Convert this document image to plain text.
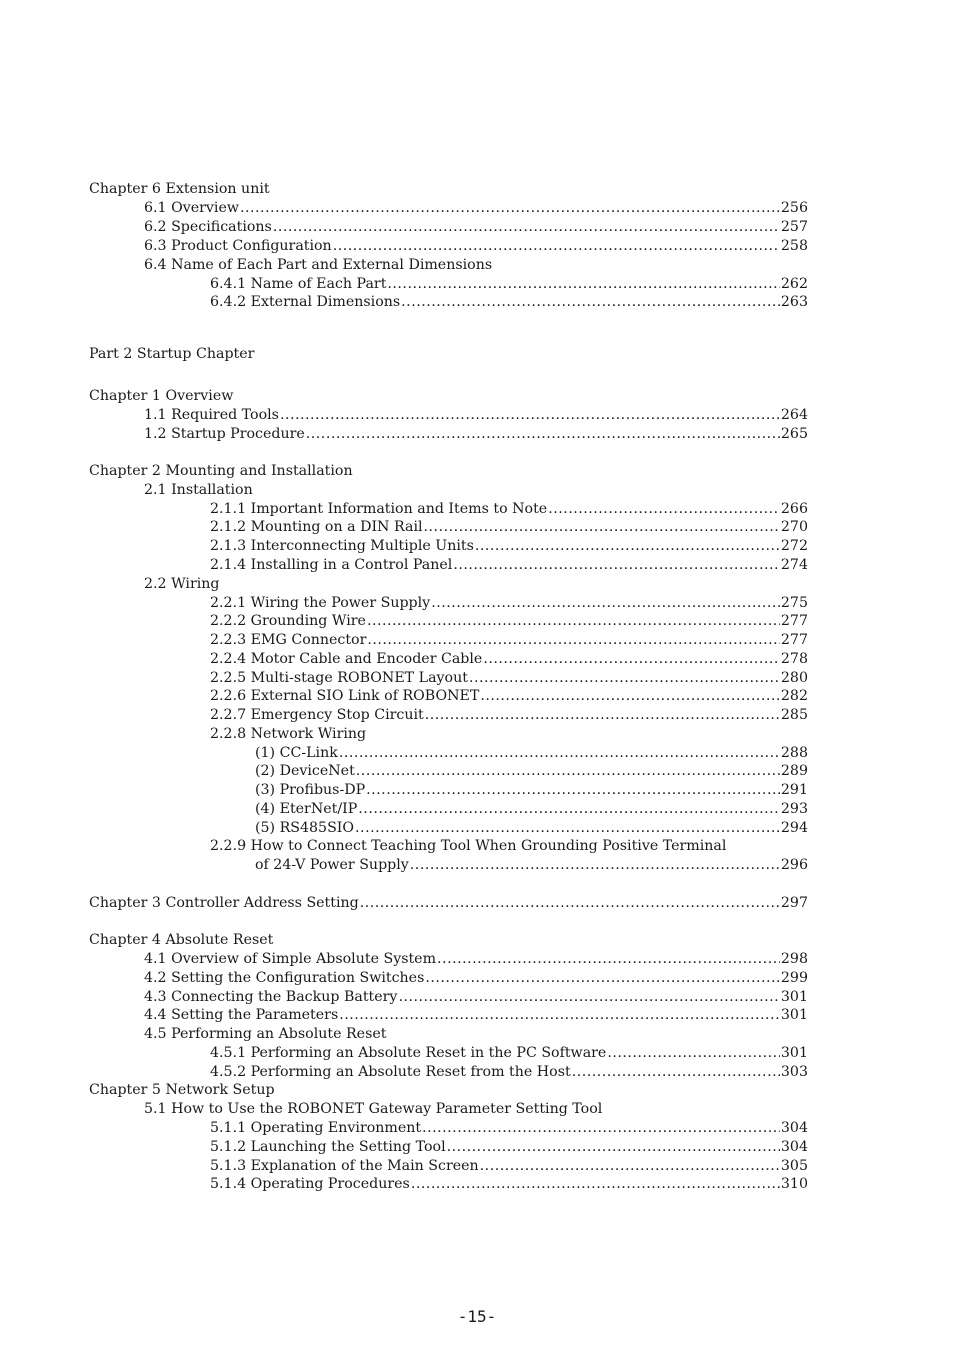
Chapter 6 Extension unit
6.1 Overview .....	256
6.2 Specifications .....	257
6.3 Product Configuration .....	258
6.4 Name of Each Part and External Dimensions
6.4.1 Name of Each Part .....	262
6.4.2 External Dimensions .....	263
Part 2 Startup Chapter
Chapter 1 Overview
1.1 Required Tools .....	264
1.2 Startup Procedure .....	265
Chapter 2 Mounting and Installation
2.1 Installation
2.1.1 Important Information and Items to Note .....	266
2.1.2 Mounting on a DIN Rail .....	270
2.1.3 Interconnecting Multiple Units .....	272
2.1.4 Installing in a Control Panel .....	274
2.2 Wiring
2.2.1 Wiring the Power Supply .....	275
2.2.2 Grounding Wire .....	277
2.2.3 EMG Connector .....	277
2.2.4 Motor Cable and Encoder Cable .....	278
2.2.5 Multi-stage ROBONET Layout .....	280
2.2.6 External SIO Link of ROBONET .....	282
2.2.7 Emergency Stop Circuit .....	285
2.2.8 Network Wiring
(1) CC-Link .....	288
(2) DeviceNet .....	289
(3) Profibus-DP .....	291
(4) EterNet/IP .....	293
(5) RS485SIO .....	294
2.2.9 How to Connect Teaching Tool When Grounding Positive Terminal
of 24-V Power Supply .....	296
Chapter 3 Controller Address Setting .....	297
Chapter 4 Absolute Reset
4.1 Overview of Simple Absolute System .....	298
4.2 Setting the Configuration Switches .....	299
4.3 Connecting the Backup Battery .....	301
4.4 Setting the Parameters .....	301
4.5 Performing an Absolute Reset
4.5.1 Performing an Absolute Reset in the PC Software .....	301
4.5.2 Performing an Absolute Reset from the Host .....	303
Chapter 5 Network Setup
5.1 How to Use the ROBONET Gateway Parameter Setting Tool
5.1.1 Operating Environment .....	304
5.1.2 Launching the Setting Tool .....	304
5.1.3 Explanation of the Main Screen .....	305
5.1.4 Operating Procedures .....	310
-15-
